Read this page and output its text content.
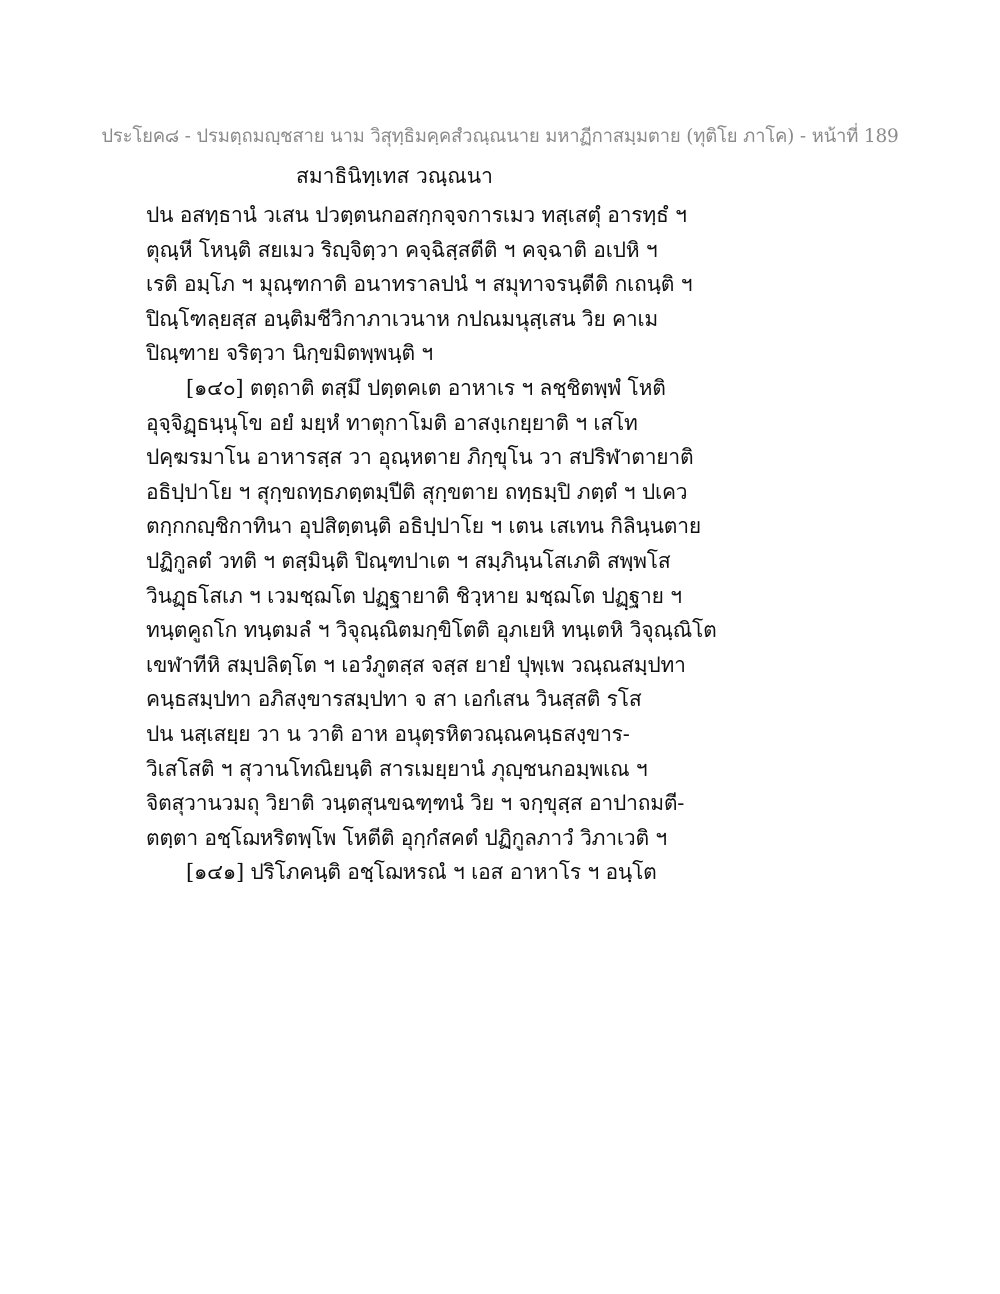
ประโยค๘ - ปรมตฺถมญฺชสาย นาม วิสุทฺธิมคฺคสํวณฺณนาย มหาฏีกาสมฺมตาย (ทุติโย ภาโค) - หน้าที่ 189
สมาธินิทฺเทส วณฺณนา
ปน อสทฺธานํ วเสน ปวตฺตนกอสกฺกจฺจการเมว ทสฺเสตุํ อารทฺธํ ฯ
ตุณฺหี โหนฺติ สยเมว ริญฺจิตฺวา คจฺฉิสฺสตีติ ฯ คจฺฉาติ อเปหิ ฯ
เรติ อมฺโภ ฯ มุณฺฑกาติ อนาทราลปนํ ฯ สมุทาจรนฺตีติ กเถนฺติ ฯ
ปิณฺโฑลฺยสฺส อนฺติมชีวิกาภาเวนาห กปณมนุสฺเสน วิย คาเม
ปิณฺฑาย จริตฺวา นิกฺขมิตพฺพนฺติ ฯ
[๑๔๐] ตตฺถาติ ตสฺมึ ปตฺตคเต อาหาเร ฯ ลชฺชิตพฺพํ โหติ
อุจฺจิฏฺธนฺนุโข อยํ มยฺหํ ทาตุกาโมติ อาสงฺเกยฺยาติ ฯ เสโท
ปคฺฆรมาโน อาหารสฺส วา อุณฺหตาย ภิกฺขุโน วา สปริฬาตายาติ
อธิปฺปาโย ฯ สุกฺขถทฺธภตฺตมฺปีติ สุกฺขตาย ถทฺธมฺปิ ภตฺตํ ฯ ปเคว
ตกฺกกญฺชิกาทินา อุปสิตฺตนฺติ อธิปฺปาโย ฯ เตน เสเทน กิลินฺนตาย
ปฏิกูลตํ วทติ ฯ ตสฺมินฺติ ปิณฺฑปาเต ฯ สมฺภินฺนโสเภติ สพฺพโส
วินฏฺธโสเภ ฯ เวมชฺฌโต ปฏฺฐายาติ ชิวฺหาย มชฺฌโต ปฏฺฐาย ฯ
ทนฺตคูถโก ทนฺตมลํ ฯ วิจุณฺณิตมกฺขิโตติ อุภเยหิ ทนฺเตหิ วิจุณฺณิโต
เขฬาทีหิ สมฺปลิตฺโต ฯ เอวํภูตสฺส จสฺส ยายํ ปุพฺเพ วณฺณสมฺปทา
คนฺธสมฺปทา อภิสงฺขารสมฺปทา จ สา เอกํเสน วินสฺสติ รโส
ปน นสฺเสยฺย วา น วาติ อาห อนุตฺรหิตวณฺณคนฺธสงฺขาร-
วิเสโสติ ฯ สุวานโทณิยนฺติ สารเมยฺยานํ ภุญฺชนกอมฺพเณ ฯ
จิตสุวานวมถุ วิยาติ วนฺตสุนขฉฑฺฑนํ วิย ฯ จกฺขุสฺส อาปาถมตี-
ตตฺตา อชฺโฌหริตพฺโพ โหตีติ อุกฺกํสคตํ ปฏิกูลภาวํ วิภาเวติ ฯ
[๑๔๑] ปริโภคนฺติ อชฺโฌหรณํ ฯ เอส อาหาโร ฯ อนฺโต
